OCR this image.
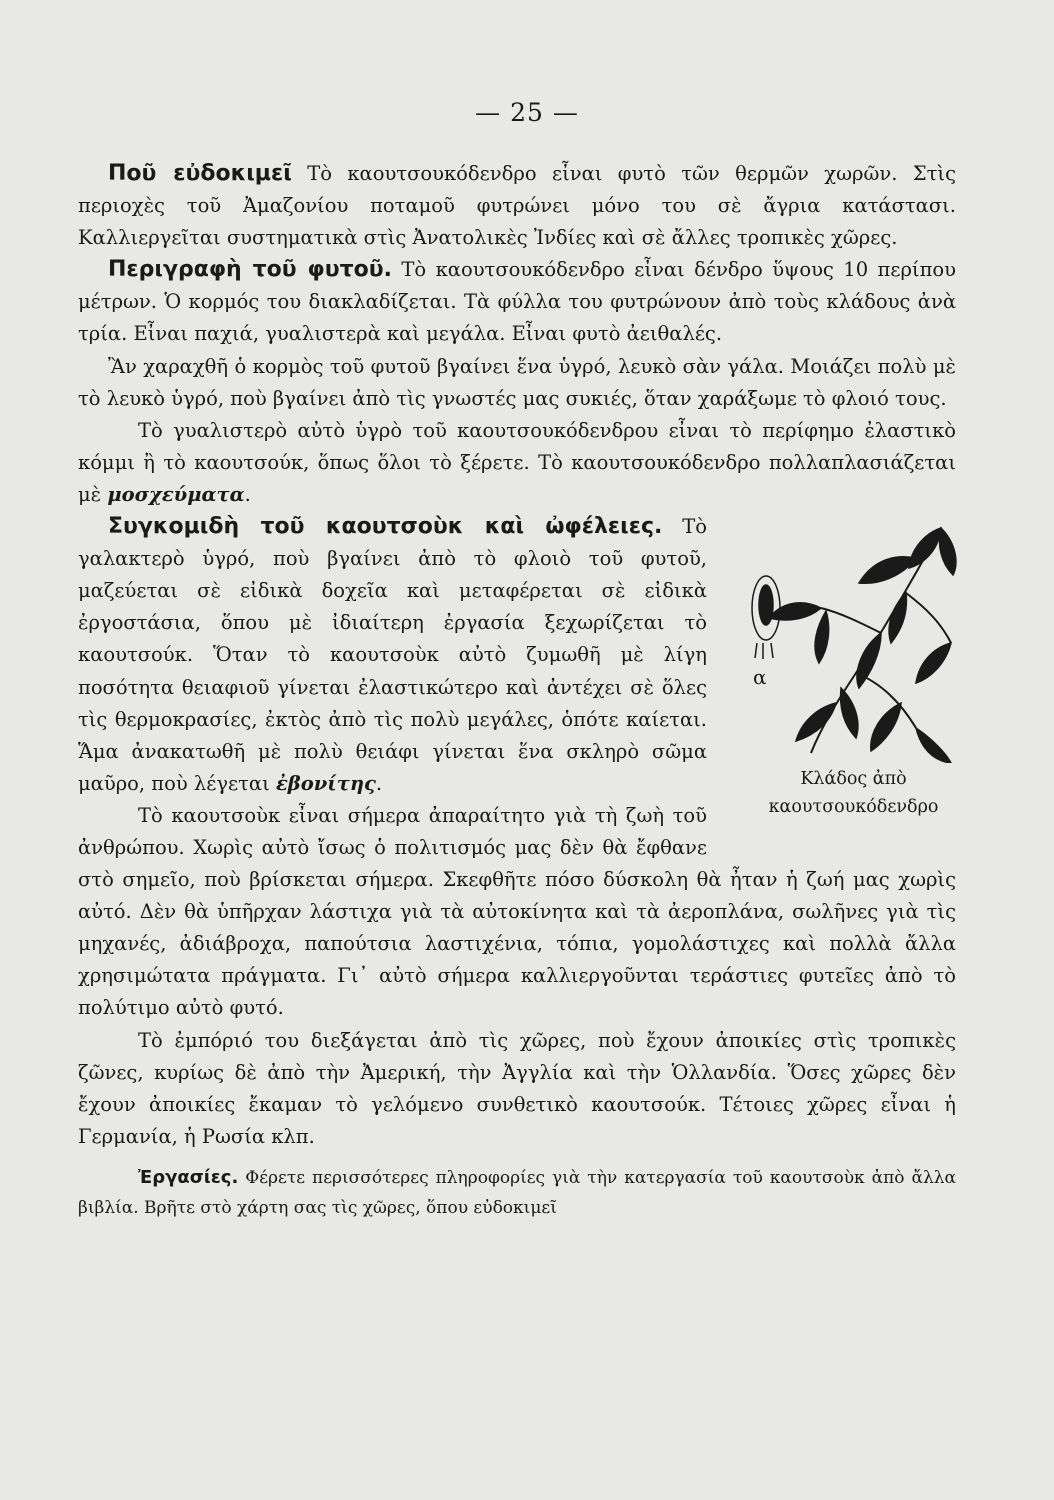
— 25 —

Ποῦ εὐδοκιμεῖ Τὸ καουτσουκόδενδρο εἶναι φυτὸ τῶν θερμῶν χωρῶν. Στὶς περιοχὲς τοῦ Ἀμαζονίου ποταμοῦ φυτρώνει μόνο του σὲ ἄγρια κατάστασι. Καλλιεργεῖται συστηματικὰ στὶς Ἀνατολικὲς Ἰνδίες καὶ σὲ ἄλλες τροπικὲς χῶρες.

Περιγραφὴ τοῦ φυτοῦ. Τὸ καουτσουκόδενδρο εἶναι δένδρο ὕψους 10 περίπου μέτρων. Ὁ κορμός του διακλαδίζεται. Τὰ φύλλα του φυτρώνουν ἀπὸ τοὺς κλάδους ἀνὰ τρία. Εἶναι παχιά, γυαλιστερὰ καὶ μεγάλα. Εἶναι φυτὸ ἀειθαλές.

Ἂν χαραχθῆ ὁ κορμὸς τοῦ φυτοῦ βγαίνει ἕνα ὑγρό, λευκὸ σὰν γάλα. Μοιάζει πολὺ μὲ τὸ λευκὸ ὑγρό, ποὺ βγαίνει ἀπὸ τὶς γνωστές μας συκιές, ὅταν χαράξωμε τὸ φλοιό τους.

Τὸ γυαλιστερὸ αὐτὸ ὑγρὸ τοῦ καουτσουκόδενδρου εἶναι τὸ περίφημο ἐλαστικὸ κόμμι ἢ τὸ καουτσούκ, ὅπως ὅλοι τὸ ξέρετε. Τὸ καουτσουκόδενδρο πολλαπλασιάζεται μὲ μοσχεύματα.

α
Κλάδος ἀπὸ
καουτσουκόδενδρο

Συγκομιδὴ τοῦ καουτσοὺκ καὶ ὠφέλειες. Τὸ γαλακτερὸ ὑγρό, ποὺ βγαίνει ἀπὸ τὸ φλοιὸ τοῦ φυτοῦ, μαζεύεται σὲ εἰδικὰ δοχεῖα καὶ μεταφέρεται σὲ εἰδικὰ ἐργοστάσια, ὅπου μὲ ἰδιαίτερη ἐργασία ξεχωρίζεται τὸ καουτσούκ. Ὅταν τὸ καουτσοὺκ αὐτὸ ζυμωθῆ μὲ λίγη ποσότητα θειαφιοῦ γίνεται ἐλαστικώτερο καὶ ἀντέχει σὲ ὅλες τὶς θερμοκρασίες, ἐκτὸς ἀπὸ τὶς πολὺ μεγάλες, ὁπότε καίεται. Ἅμα ἀνακατωθῆ μὲ πολὺ θειάφι γίνεται ἕνα σκληρὸ σῶμα μαῦρο, ποὺ λέγεται ἐβονίτης.

Τὸ καουτσοὺκ εἶναι σήμερα ἀπαραίτητο γιὰ τὴ ζωὴ τοῦ ἀνθρώπου. Χωρὶς αὐτὸ ἴσως ὁ πολιτισμός μας δὲν θὰ ἔφθανε στὸ σημεῖο, ποὺ βρίσκεται σήμερα. Σκεφθῆτε πόσο δύσκολη θὰ ἦταν ἡ ζωή μας χωρὶς αὐτό. Δὲν θὰ ὑπῆρχαν λάστιχα γιὰ τὰ αὐτοκίνητα καὶ τὰ ἀεροπλάνα, σωλῆνες γιὰ τὶς μηχανές, ἀδιάβροχα, παπούτσια λαστιχένια, τόπια, γομολάστιχες καὶ πολλὰ ἄλλα χρησιμώτατα πράγματα. Γι᾽ αὐτὸ σήμερα καλλιεργοῦνται τεράστιες φυτεῖες ἀπὸ τὸ πολύτιμο αὐτὸ φυτό.

Τὸ ἐμπόριό του διεξάγεται ἀπὸ τὶς χῶρες, ποὺ ἔχουν ἀποικίες στὶς τροπικὲς ζῶνες, κυρίως δὲ ἀπὸ τὴν Ἀμερική, τὴν Ἀγγλία καὶ τὴν Ὁλλανδία. Ὅσες χῶρες δὲν ἔχουν ἀποικίες ἔκαμαν τὸ γελόμενο συνθετικὸ καουτσούκ. Τέτοιες χῶρες εἶναι ἡ Γερμανία, ἡ Ρωσία κλπ.

Ἐργασίες. Φέρετε περισσότερες πληροφορίες γιὰ τὴν κατεργασία τοῦ καουτσοὺκ ἀπὸ ἄλλα βιβλία. Βρῆτε στὸ χάρτη σας τὶς χῶρες, ὅπου εὐδοκιμεῖ
